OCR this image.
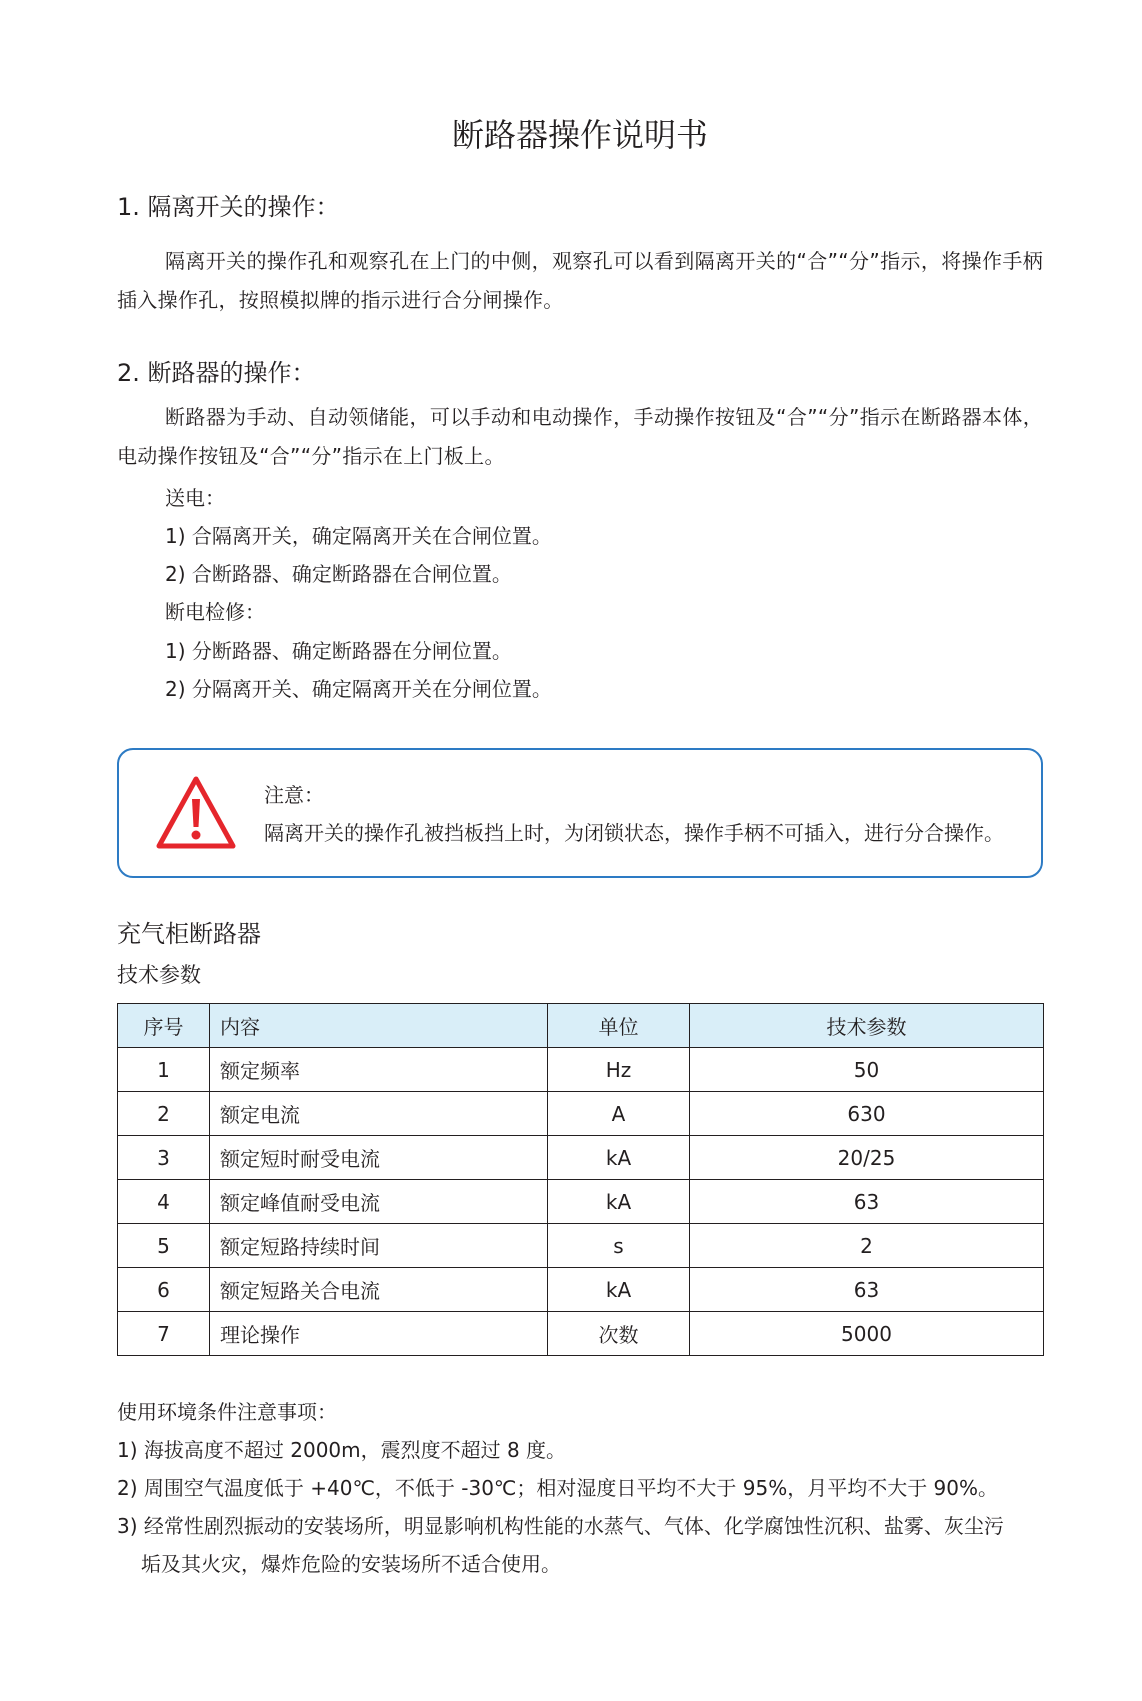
断路器操作说明书
1. 隔离开关的操作：
隔离开关的操作孔和观察孔在上门的中侧，观察孔可以看到隔离开关的“合”“分”指示，将操作手柄插入操作孔，按照模拟牌的指示进行合分闸操作。
2. 断路器的操作：
断路器为手动、自动领储能，可以手动和电动操作，手动操作按钮及“合”“分”指示在断路器本体，电动操作按钮及“合”“分”指示在上门板上。
送电：
1) 合隔离开关，确定隔离开关在合闸位置。
2) 合断路器、确定断路器在合闸位置。
断电检修：
1) 分断路器、确定断路器在分闸位置。
2) 分隔离开关、确定隔离开关在分闸位置。
注意：
隔离开关的操作孔被挡板挡上时，为闭锁状态，操作手柄不可插入，进行分合操作。
充气柜断路器
技术参数
序号	内容	单位	技术参数
1	额定频率	Hz	50
2	额定电流	A	630
3	额定短时耐受电流	kA	20/25
4	额定峰值耐受电流	kA	63
5	额定短路持续时间	s	2
6	额定短路关合电流	kA	63
7	理论操作	次数	5000
使用环境条件注意事项：
1) 海拔高度不超过 2000m，震烈度不超过 8 度。
2) 周围空气温度低于 +40℃，不低于 -30℃；相对湿度日平均不大于 95%，月平均不大于 90%。
3) 经常性剧烈振动的安装场所，明显影响机构性能的水蒸气、气体、化学腐蚀性沉积、盐雾、灰尘污
垢及其火灾，爆炸危险的安装场所不适合使用。
